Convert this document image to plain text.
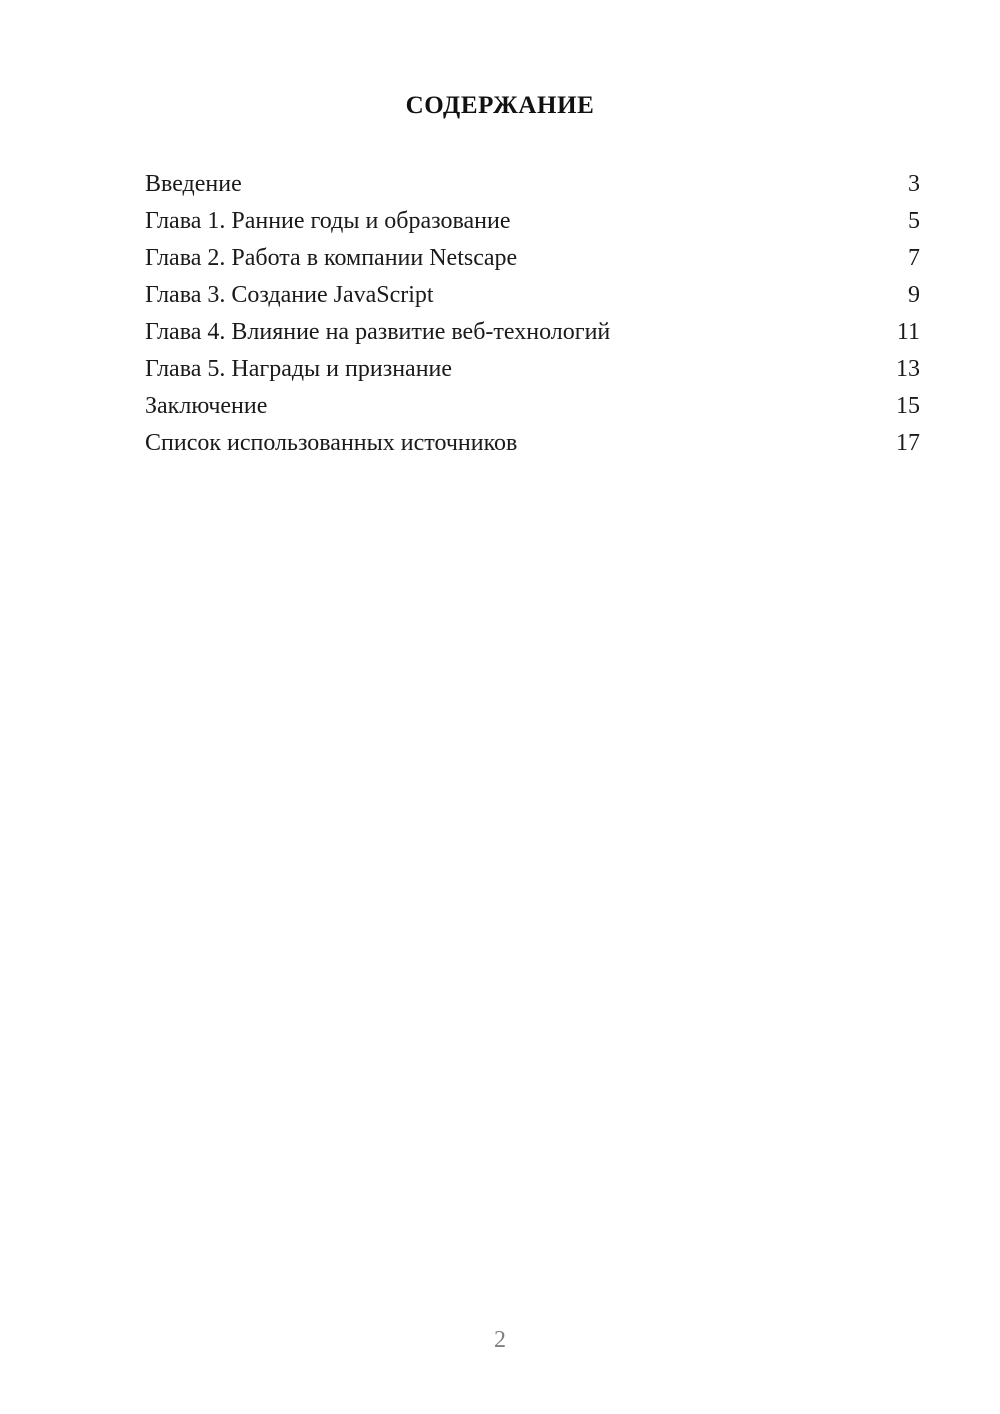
СОДЕРЖАНИЕ
Введение	3
Глава 1. Ранние годы и образование	5
Глава 2. Работа в компании Netscape	7
Глава 3. Создание JavaScript	9
Глава 4. Влияние на развитие веб-технологий	11
Глава 5. Награды и признание	13
Заключение	15
Список использованных источников	17
2
